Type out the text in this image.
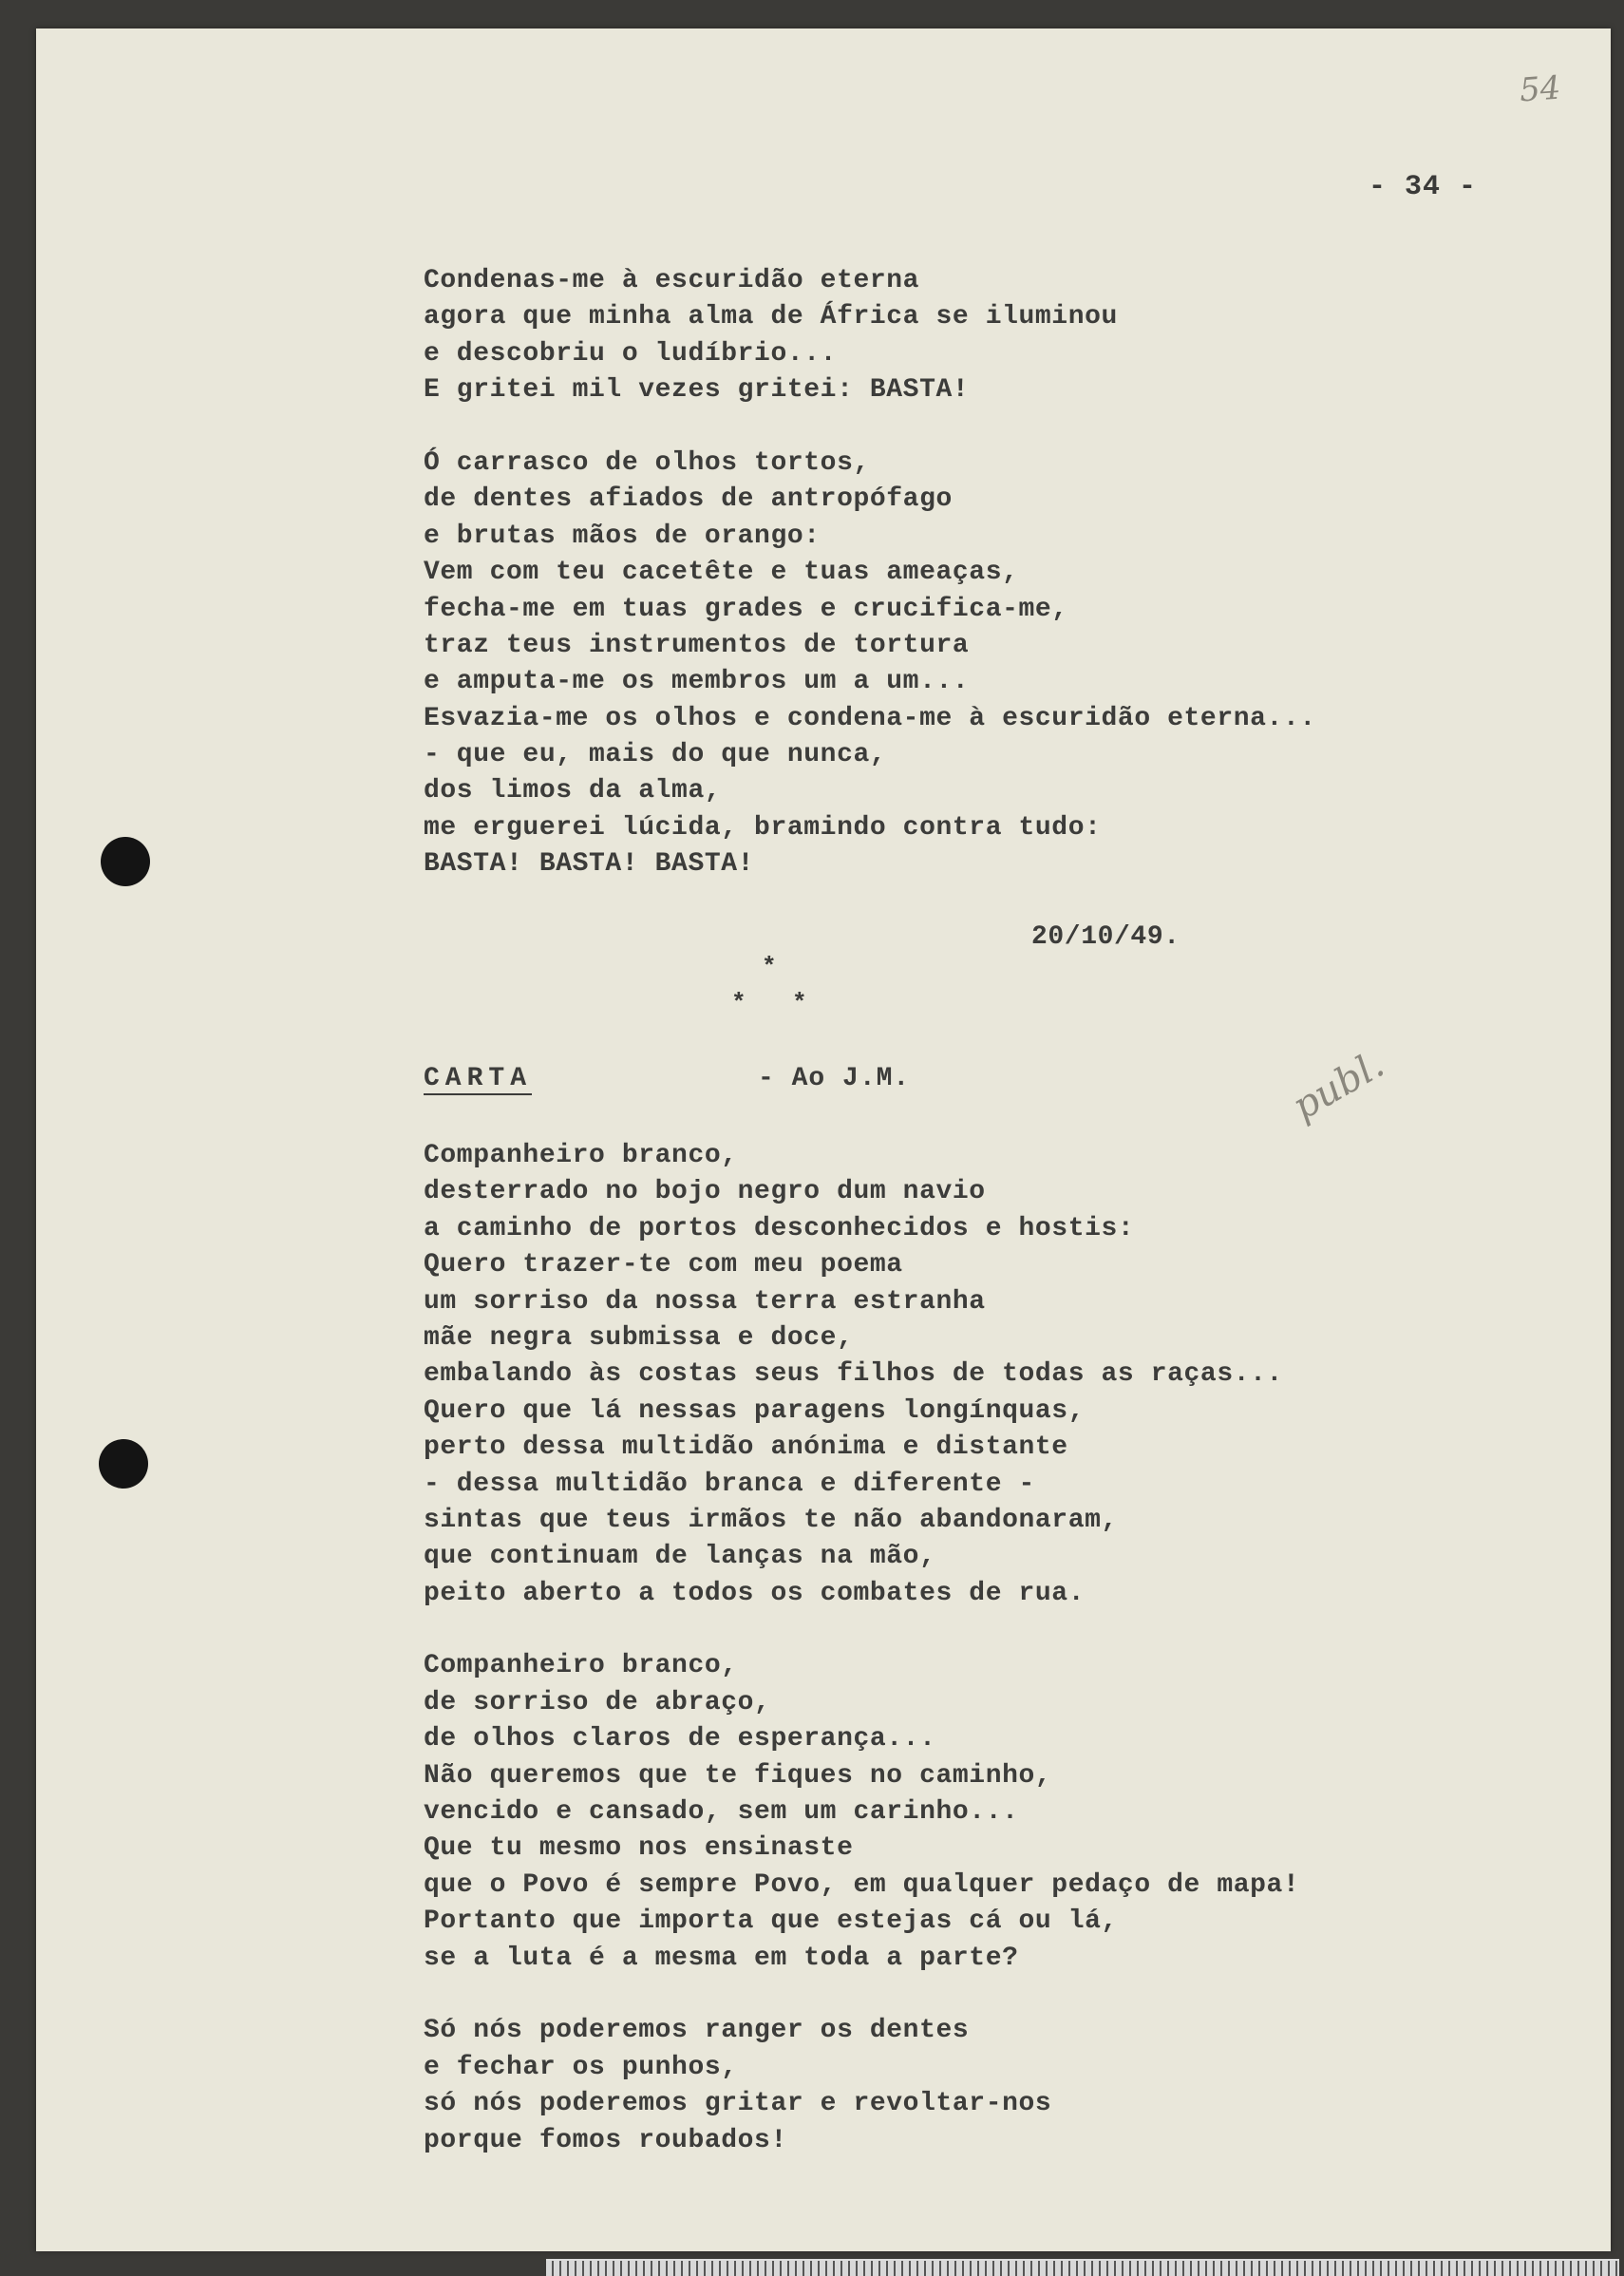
54
publ.
- 34 -
Condenas-me à escuridão eterna
agora que minha alma de África se iluminou
e descobriu o ludíbrio...
E gritei mil vezes gritei: BASTA!
Ó carrasco de olhos tortos,
de dentes afiados de antropófago
e brutas mãos de orango:
Vem com teu cacetête e tuas ameaças,
fecha-me em tuas grades e crucifica-me,
traz teus instrumentos de tortura
e amputa-me os membros um a um...
Esvazia-me os olhos e condena-me à escuridão eterna...
- que eu, mais do que nunca,
dos limos da alma,
me erguerei lúcida, bramindo contra tudo:
BASTA! BASTA! BASTA!
20/10/49.
*
* *
CARTA	- Ao J.M.
Companheiro branco,
desterrado no bojo negro dum navio
a caminho de portos desconhecidos e hostis:
Quero trazer-te com meu poema
um sorriso da nossa terra estranha
mãe negra submissa e doce,
embalando às costas seus filhos de todas as raças...
Quero que lá nessas paragens longínquas,
perto dessa multidão anónima e distante
- dessa multidão branca e diferente -
sintas que teus irmãos te não abandonaram,
que continuam de lanças na mão,
peito aberto a todos os combates de rua.
Companheiro branco,
de sorriso de abraço,
de olhos claros de esperança...
Não queremos que te fiques no caminho,
vencido e cansado, sem um carinho...
Que tu mesmo nos ensinaste
que o Povo é sempre Povo, em qualquer pedaço de mapa!
Portanto que importa que estejas cá ou lá,
se a luta é a mesma em toda a parte?
Só nós poderemos ranger os dentes
e fechar os punhos,
só nós poderemos gritar e revoltar-nos
porque fomos roubados!
